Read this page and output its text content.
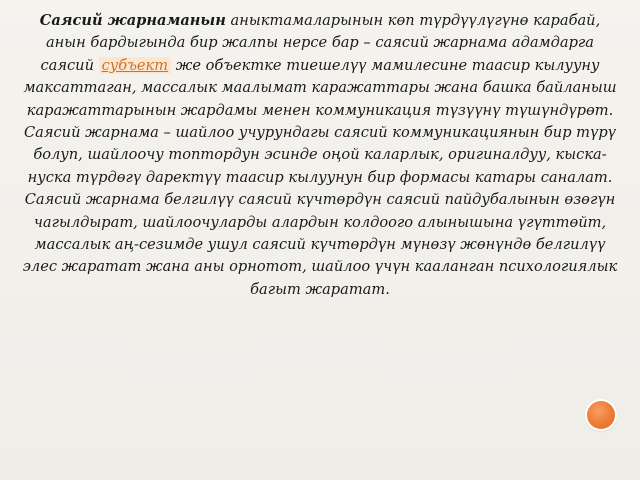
Саясий жарнаманын аныктамаларынын көп түрдүүлүгүнө карабай, анын бардыгында бир жалпы нерсе бар – саясий жарнама адамдарга саясий субъект же объектке тиешелүү мамилесине таасир кылууну максаттаган, массалык маалымат каражаттары жана башка байланыш каражаттарынын жардамы менен коммуникация түзүүнү түшүндүрөт. Саясий жарнама – шайлоо учурундагы саясий коммуникациянын бир түрү болуп, шайлоочу топтордун эсинде оңой каларлык, оригиналдуу, кыска-нуска түрдөгү даректүү таасир кылуунун бир формасы катары саналат. Саясий жарнама белгилүү саясий күчтөрдүн саясий пайдубалынын өзөгүн чагылдырат, шайлоочуларды алардын колдоого алынышына үгүттөйт, массалык аң-сезимде ушул саясий күчтөрдүн мүнөзү жөнүндө белгилүү элес жаратат жана аны орнотот, шайлоо үчүн кааланган психологиялык багыт жаратат.
